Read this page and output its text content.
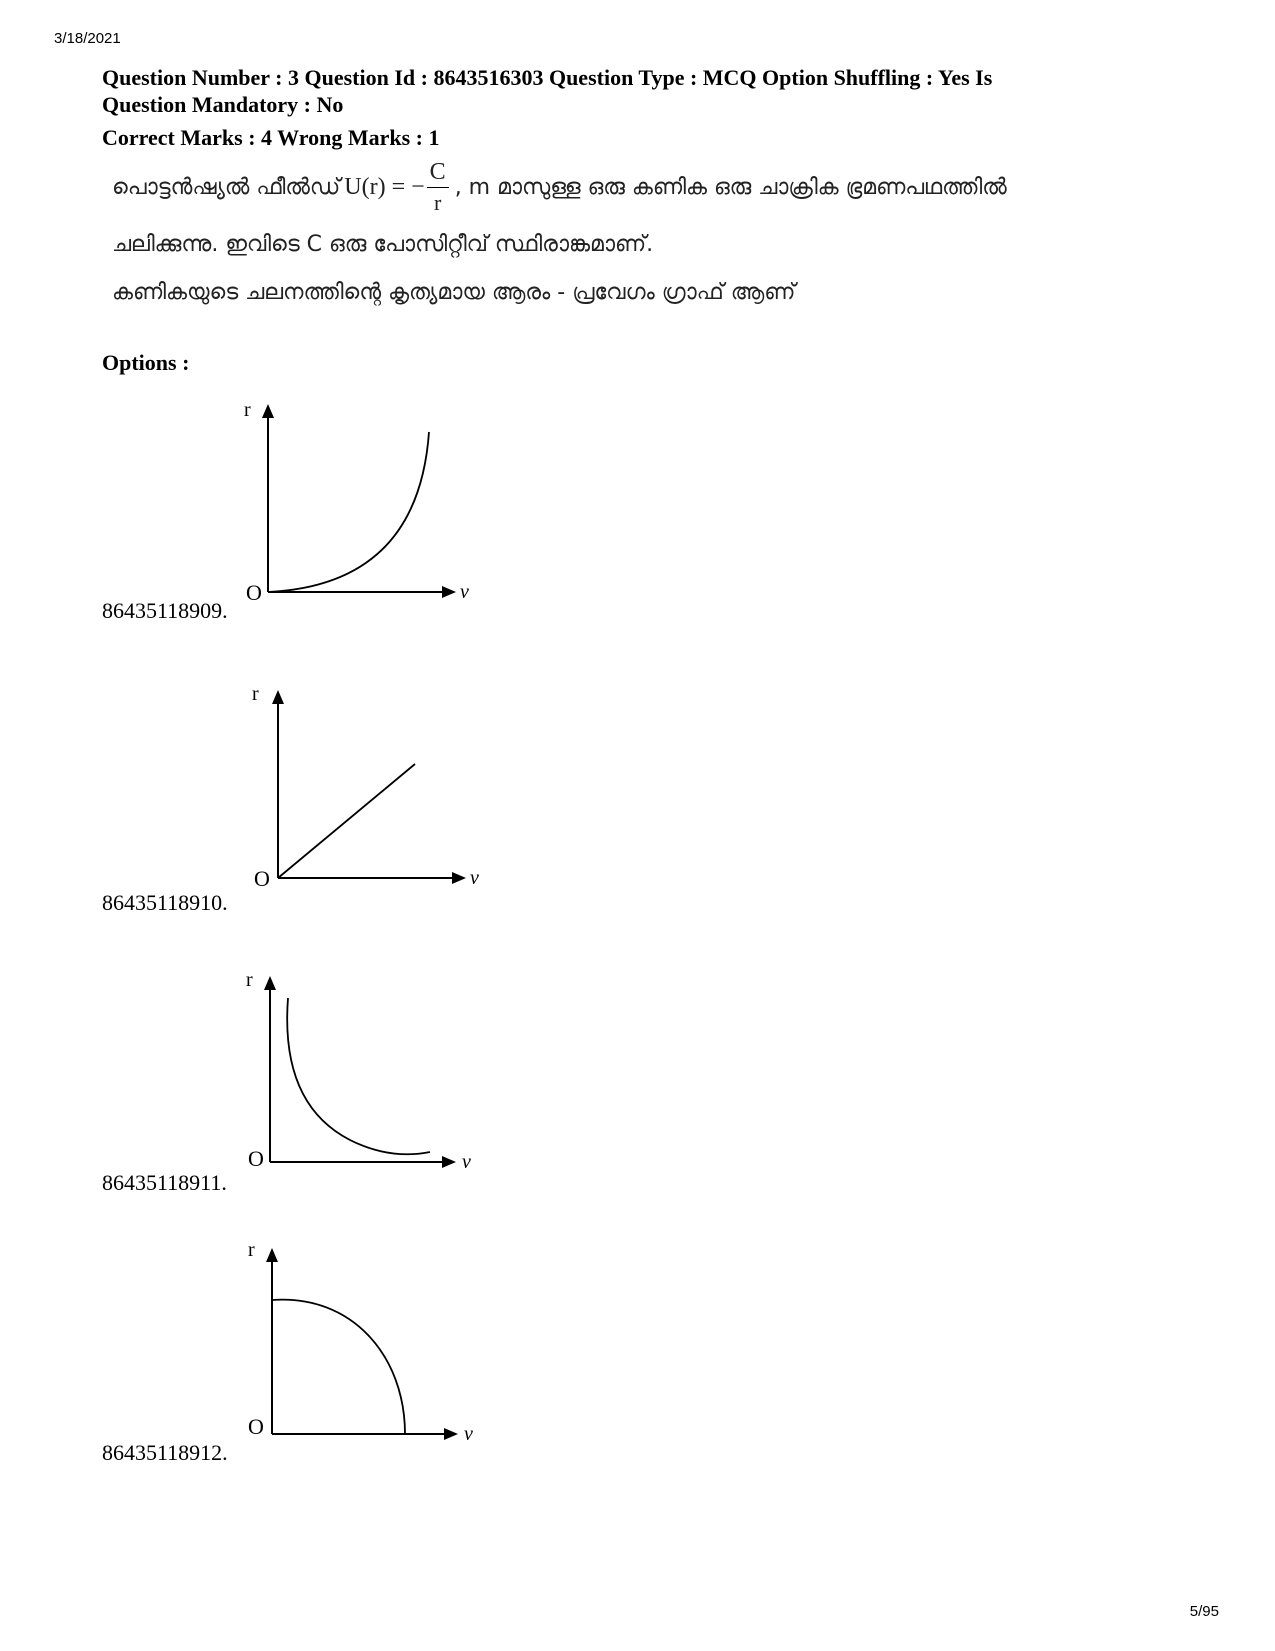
3/18/2021

Question Number : 3 Question Id : 8643516303 Question Type : MCQ Option Shuffling : Yes Is

Question Mandatory : No

Correct Marks : 4 Wrong Marks : 1

പൊട്ടൻഷ്യൽ ഫീൽഡ് U(r) = − $\frac{C}{r}$ , m മാസുള്ള ഒരു കണിക ഒരു ചാക്രിക ഭ്രമണപഥത്തിൽ
ചലിക്കുന്നു. ഇവിടെ C ഒരു പോസിറ്റീവ് സ്ഥിരാങ്കമാണ്.
കണികയുടെ ചലനത്തിന്റെ കൃത്യമായ ആരം - പ്രവേഗം ഗ്രാഫ് ആണ്
Options :
r
v
O
86435118909.
r
v
O
86435118910.
r
v
O
86435118911.
r
v
O
86435118912.
5/95
